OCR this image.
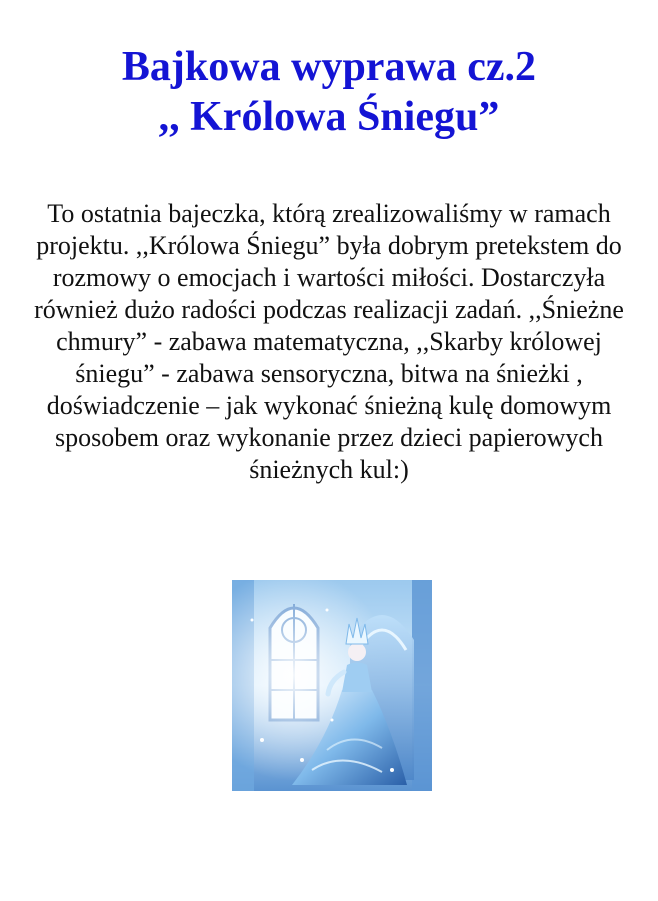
Bajkowa wyprawa cz.2
,, Królowa Śniegu”

To ostatnia bajeczka, którą zrealizowaliśmy w ramach projektu. ,,Królowa Śniegu” była dobrym pretekstem do rozmowy o emocjach i wartości miłości. Dostarczyła również dużo radości podczas realizacji zadań. ,,Śnieżne chmury” - zabawa matematyczna, ,,Skarby królowej śniegu” - zabawa sensoryczna, bitwa na śnieżki , doświadczenie – jak wykonać śnieżną kulę domowym sposobem oraz wykonanie przez dzieci papierowych śnieżnych kul:)
